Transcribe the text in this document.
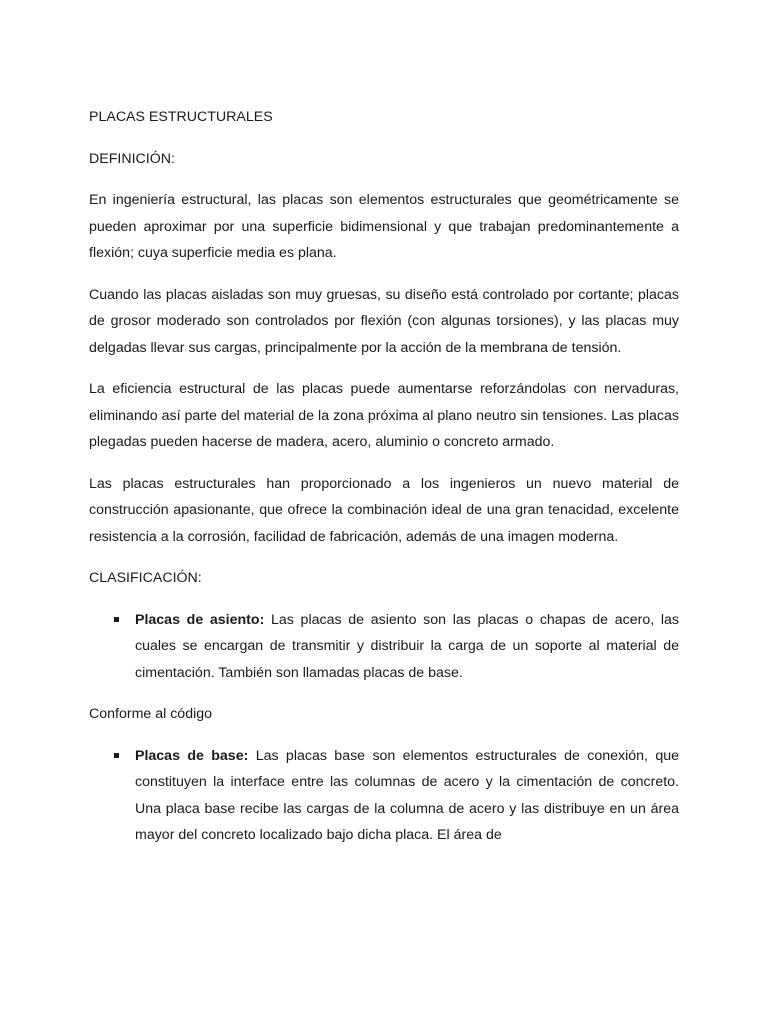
PLACAS ESTRUCTURALES

DEFINICIÓN:

En ingeniería estructural, las placas son elementos estructurales que geométricamente se pueden aproximar por una superficie bidimensional y que trabajan predominantemente a flexión; cuya superficie media es plana.

Cuando las placas aisladas son muy gruesas, su diseño está controlado por cortante; placas de grosor moderado son controlados por flexión (con algunas torsiones), y las placas muy delgadas llevar sus cargas, principalmente por la acción de la membrana de tensión.

La eficiencia estructural de las placas puede aumentarse reforzándolas con nervaduras, eliminando así parte del material de la zona próxima al plano neutro sin tensiones. Las placas plegadas pueden hacerse de madera, acero, aluminio o concreto armado.

Las placas estructurales han proporcionado a los ingenieros un nuevo material de construcción apasionante, que ofrece la combinación ideal de una gran tenacidad, excelente resistencia a la corrosión, facilidad de fabricación, además de una imagen moderna.

CLASIFICACIÓN:

Placas de asiento: Las placas de asiento son las placas o chapas de acero, las cuales se encargan de transmitir y distribuir la carga de un soporte al material de cimentación. También son llamadas placas de base.

Conforme al código

Placas de base: Las placas base son elementos estructurales de conexión, que constituyen la interface entre las columnas de acero y la cimentación de concreto. Una placa base recibe las cargas de la columna de acero y las distribuye en un área mayor del concreto localizado bajo dicha placa. El área de
